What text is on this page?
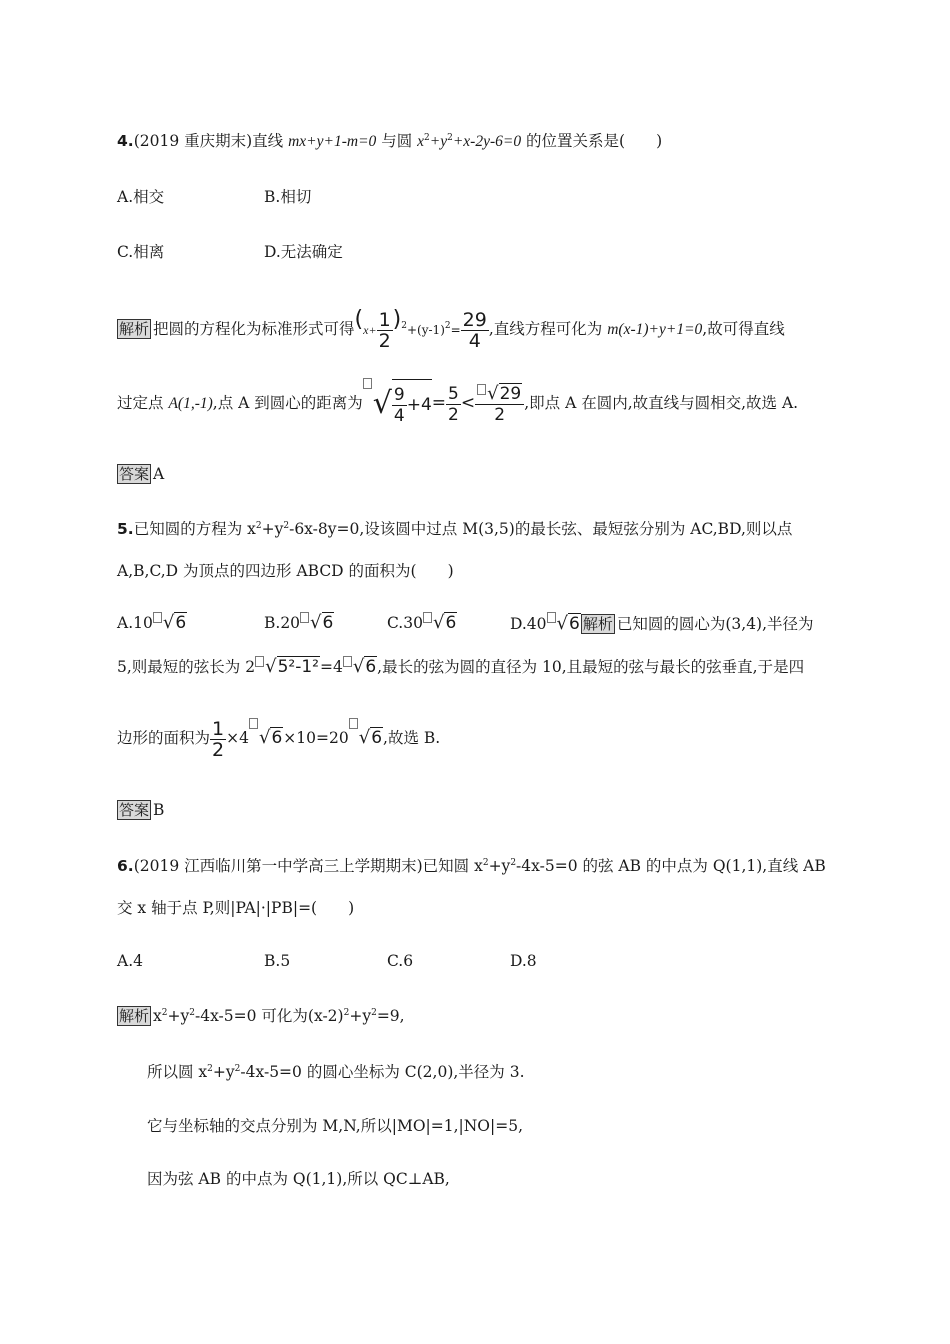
4.(2019 重庆期末)直线 mx+y+1-m=0 与圆 $x^2+y^2+x-2y-6=0$ 的位置关系是(　　)
A.相交	B.相切
C.相离	D.无法确定
解析 把圆的方程化为标准形式可得$(x+ \frac{1}{2} )^2+(y-1)^2= \frac{29}{4}$ ,直线方程可化为 m(x-1)+y+1=0,故可得直线
过定点 A(1,-1),点 A 到圆心的距离为 √ $\frac{9}{4} +4= \frac{5}{2} < \frac{√29}{2}$ ,即点 A 在圆内,故直线与圆相交,故选 A.
答案 A
5.已知圆的方程为 $x^2+y^2-6x-8y=0$,设该圆中过点 M(3,5)的最长弦、最短弦分别为 AC,BD,则以点
A,B,C,D 为顶点的四边形 ABCD 的面积为(　　)
A.10 √6	B.20 √6	C.30 √6	D.40 √6 解析 已知圆的圆心为(3,4),半径为
5,则最短的弦长为 2 √5²-1²=4 √6,最长的弦为圆的直径为 10,且最短的弦与最长的弦垂直,于是四
边形的面积为 $\frac{1}{2} \times 4$ √6×10=20 √6,故选 B.
答案 B
6.(2019 江西临川第一中学高三上学期期末)已知圆 $x^2+y^2-4x-5=0$ 的弦 AB 的中点为 Q(1,1),直线 AB
交 x 轴于点 P,则|PA|·|PB|=(　　)
A.4	B.5	C.6	D.8
解析 $x^2+y^2-4x-5=0$ 可化为$(x-2)^2+y^2=9$,
所以圆 $x^2+y^2-4x-5=0$ 的圆心坐标为 C(2,0),半径为 3.
它与坐标轴的交点分别为 M,N,所以|MO|=1,|NO|=5,
因为弦 AB 的中点为 Q(1,1),所以 QC⊥AB,
